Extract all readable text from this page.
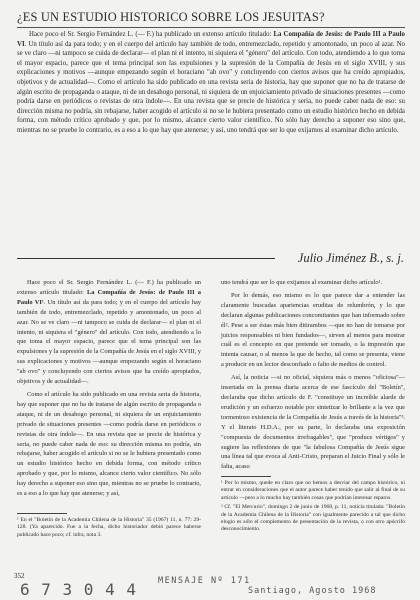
¿ES UN ESTUDIO HISTORICO SOBRE LOS JESUITAS?

Hace poco el Sr. Sergio Fernández L. (— F.) ha publicado un extenso artículo titulado: La Compañía de Jesús: de Paulo III a Paulo VI. Un título así da para todo; y en el cuerpo del artículo hay también de todo, entremezclado, repetido y amontonado, un poco al azar. No se ve claro —ni tampoco se cuida de declarar— el plan ni el intento, ni siquiera el "género" del artículo. Con todo, atendiendo a lo que toma el mayor espacio, parece que el tema principal son las expulsiones y la supresión de la Compañía de Jesús en el siglo XVIII, y sus explicaciones y motivos —aunque empezando según el horaciano "ab ovo" y concluyendo con ciertos avisos que ha creído apropiados, objetivos y de actualidad—. Como el artículo ha sido publicado en una revista seria de historia, hay que suponer que no ha de tratarse de algún escrito de propaganda o ataque, ni de un desahogo personal, ni siquiera de un enjuiciamiento privado de situaciones presentes —como podría darse en periódicos o revistas de otra índole—. En una revista que se precie de histórica y seria, no puede caber nada de eso: su dirección misma no podría, sin rebajarse, haber acogido el artículo si no se le hubiera presentado como un estudio histórico hecho en debida forma, con método crítico aprobado y que, por lo mismo, alcance cierto valor científico. No sólo hay derecho a suponer eso sino que, mientras no se pruebe lo contrario, es a eso a lo que hay que atenerse; y así, uno tendrá que ser lo que exijamos al examinar dicho artículo.

Julio Jiménez B., s. j.

Hace poco el Sr. Sergio Fernández L. (— F.) ha publicado un extenso artículo titulado: La Compañía de Jesús: de Paulo III a Paulo VI¹. Un título así da para todo; y en el cuerpo del artículo hay también de todo, entremezclado, repetido y amontonado, un poco al azar. No se ve claro —ni tampoco se cuida de declarar— el plan ni el intento, ni siquiera el "género" del artículo. Con todo, atendiendo a lo que toma el mayor espacio, parece que el tema principal son las expulsiones y la supresión de la Compañía de Jesús en el siglo XVIII, y sus explicaciones y motivos —aunque empezando según el horaciano "ab ovo" y concluyendo con ciertos avisos que ha creído apropiados, objetivos y de actualidad—.

Como el artículo ha sido publicado en una revista seria de historia, hay que suponer que no ha de tratarse de algún escrito de propaganda o ataque, ni de un desahogo personal, ni siquiera de un enjuiciamiento privado de situaciones presentes —como podría darse en periódicos o revistas de otra índole—. En una revista que se precie de histórica y seria, no puede caber nada de eso: su dirección misma no podría, sin rebajarse, haber acogido el artículo si no se le hubiera presentado como un estudio histórico hecho en debida forma, con método crítico aprobado y que, por lo mismo, alcance cierto valor científico. No sólo hay derecho a suponer eso sino que, mientras no se pruebe lo contrario, es a eso a lo que hay que atenerse; y así,

¹ En el "Boletín de la Academia Chilena de la Historia" 35 (1967) 11, n. 77: 29-128. (Ya aparecido. Fue a la fecha, dicho historiador debió parece haberse publicado hace poco; cf. infra, nota 3.

uno tendrá que ser lo que exijamos al examinar dicho artículo¹.

Por lo demás, eso mismo es lo que parece dar a entender las claramente buscadas apariencias eruditas de relumbrón, y lo que declaran algunas publicaciones concomitantes que han informado sobre él². Pese a ser éstas más bien ditirambos —que no han de tomarse por juicios responsables ni bien fundados—, sirven al menos para mostrar cuál es el concepto en que pretende ser tomado, o la impresión que intenta causar, o al menos la que de hecho, tal como se presenta, viene a producir en un lector desconfiado o falto de medios de control.

Así, la noticia —si no oficial, siquiera más o menos "oficiosa"— insertada en la prensa diaria acerca de ese fascículo del "Boletín", declaraba que dicho artículo de F. "constituye un increíble alarde de erudición y un esfuerzo notable por sintetizar lo brillante a la vez que tormentoso existencia de la Compañía de Jesús a través de la historia"³. Y el literato H.D.A., por su parte, lo declaraba una exposición "compuesta de documentos irrefragables", que "produce vértigos" y sugiere las reflexiones de que "la fabulosa Compañía de Jesús sigue una línea tal que evoca al Anti-Cristo, preparan el Juicio Final y sólo le falta, acaso

¹ Por lo mismo, quede en claro que no hemos a desviar del campo histórico, ni entrar en consideraciones que el autor parece haber tenido que salir al final de su artículo —pero a lo mucho hay también cosas que podrían interesar reparos.

² Cf. "El Mercurio", domingo 2 de junio de 1968, p. 11, noticia titulada: "Boletín de la Academia Chilena de la Historia" con igualmente parecido a tal que dicho elogio es sólo el complemento de presentación de la revista, o con otro apócrifo desconocimiento.

352
6 7 3 0 4 4 MENSAJE Nº 171
Santiago, Agosto 1968
